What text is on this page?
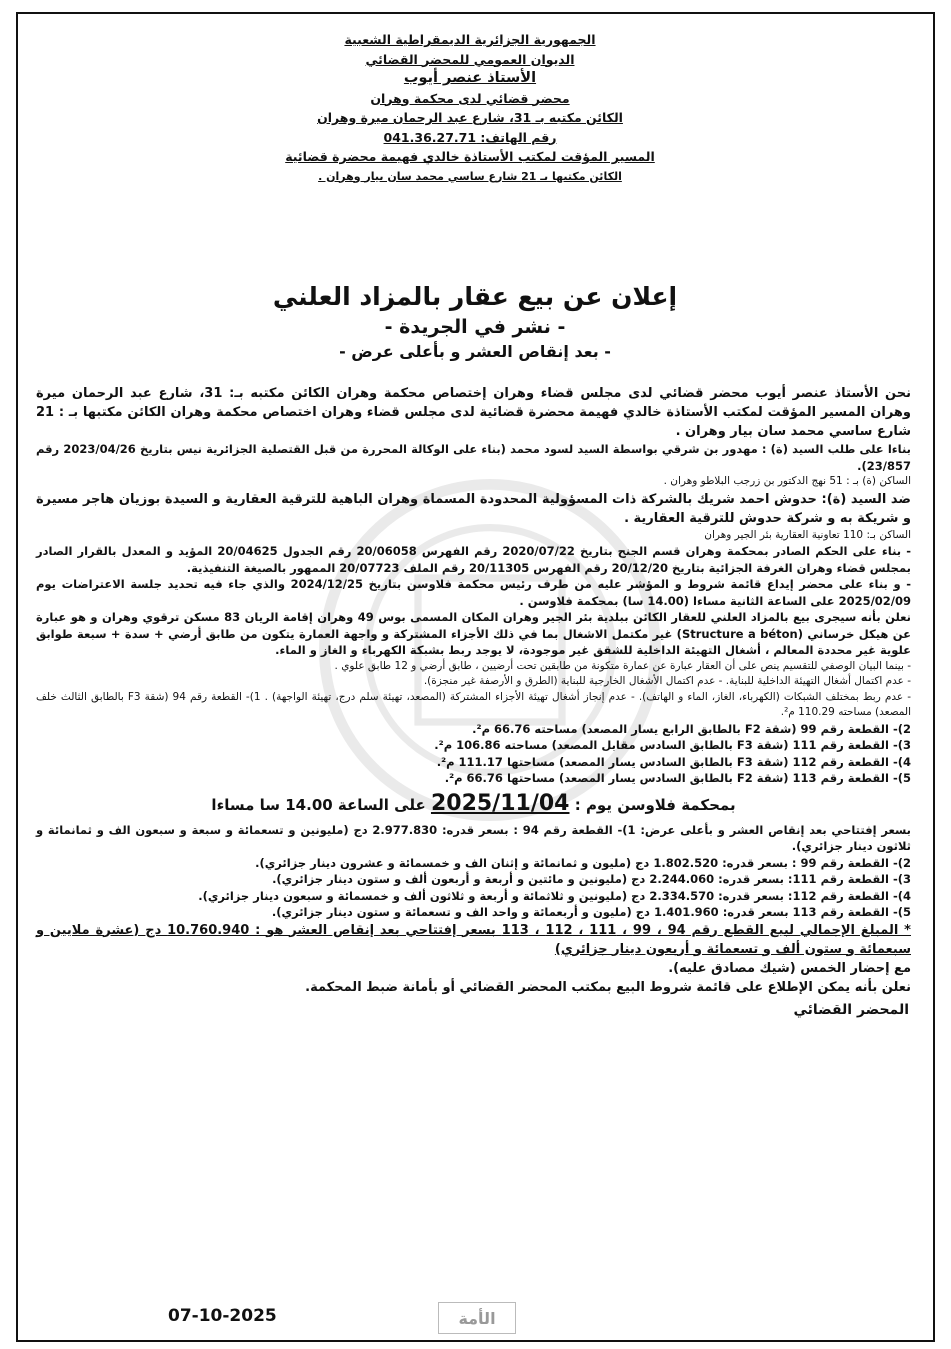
الجمهورية الجزائرية الديمقراطية الشعبية
الديوان العمومي للمحضر القضائي
الأستاذ عنصر أيوب
محضر قضائي لدى محكمة وهران
الكائن مكتبه بـ 31، شارع عبد الرحمان ميرة وهران
رقم الهاتف: 041.36.27.71
المسير المؤقت لمكتب الأستاذة خالدي فهيمة محضرة قضائية
الكائن مكتبها بـ 21 شارع ساسي محمد سان بيار وهران .
إعلان عن بيع عقار بالمزاد العلني
- نشر في الجريدة -
- بعد إنقاص العشر و بأعلى عرض -

نحن الأستاذ عنصر أيوب محضر قضائي لدى مجلس قضاء وهران إختصاص محكمة وهران الكائن مكتبه بـ: 31، شارع عبد الرحمان ميرة وهران المسير المؤقت لمكتب الأستاذة خالدي فهيمة محضرة قضائية لدى مجلس قضاء وهران اختصاص محكمة وهران الكائن مكتبها بـ : 21 شارع ساسي محمد سان بيار وهران .

بناءا على طلب السيد (ة) : مهدور بن شرقي بواسطة السيد لسود محمد (بناء على الوكالة المحررة من قبل القتصلية الجزائرية نيس بتاريخ 2023/04/26 رقم 23/857).

الساكن (ة) بـ : 51 نهج الدكتور بن زرجب البلاطو وهران .

ضد السيد (ة): حدوش احمد شريك بالشركة ذات المسؤولية المحدودة المسماة وهران الباهية للترقية العقارية و السيدة بوزيان هاجر مسيرة و شريكة به و شركة حدوش للترقية العقارية .

الساكن بـ: 110 تعاونية العقارية بئر الجير وهران

- بناء على الحكم الصادر بمحكمة وهران قسم الجنح بتاريخ 2020/07/22 رقم الفهرس 20/06058 رقم الجدول 20/04625 المؤيد و المعدل بالقرار الصادر بمجلس قضاء وهران الغرفة الجزائية بتاريخ 20/12/20 رقم الفهرس 20/11305 رقم الملف 20/07723 الممهور بالصيغة التنفيذية.

- و بناء على محضر إيداع قائمة شروط و المؤشر عليه من طرف رئيس محكمة فلاوسن بتاريخ 2024/12/25 والذي جاء فيه تحديد جلسة الاعتراضات يوم 2025/02/09 على الساعة الثانية مساءا (14.00 سا) بمحكمة فلاوسن .

نعلن بأنه سيجرى بيع بالمزاد العلني للعقار الكائن ببلدية بئر الجير وهران المكان المسمى بوس 49 وهران إقامة الريان 83 مسكن ترقوي وهران و هو عبارة عن هيكل خرساني (Structure a béton) غير مكتمل الاشغال بما في ذلك الأجزاء المشتركة و واجهة العمارة يتكون من طابق أرضي + سدة + سبعة طوابق علوية غير محددة المعالم ، أشغال التهيئة الداخلية للشقق غير موجودة، لا يوجد ربط بشبكة الكهرباء و الغاز و الماء.

- بينما البيان الوصفي للتقسيم ينص على أن العقار عبارة عن عمارة متكونة من طابقين تحت أرضيين ، طابق أرضي و 12 طابق علوي .

- عدم اكتمال أشغال التهيئة الداخلية للبناية. - عدم اكتمال الأشغال الخارجية للبناية (الطرق و الأرصفة غير منجزة).

- عدم ربط بمختلف الشبكات (الكهرباء، الغاز، الماء و الهاتف). - عدم إنجاز أشغال تهيئة الأجزاء المشتركة (المصعد، تهيئة سلم درج، تهيئة الواجهة) . 1)- القطعة رقم 94 (شقة F3 بالطابق الثالث خلف المصعد) مساحته 110.29 م².

2)- القطعة رقم 99 (شقة F2 بالطابق الرابع يسار المصعد) مساحته 66.76 م².

3)- القطعة رقم 111 (شقة F3 بالطابق السادس مقابل المصعد) مساحته 106.86 م².

4)- القطعة رقم 112 (شقة F3 بالطابق السادس يسار المصعد) مساحتها 111.17 م².

5)- القطعة رقم 113 (شقة F2 بالطابق السادس يسار المصعد) مساحتها 66.76 م².

بمحكمة فلاوسن يوم : 2025/11/04 على الساعة 14.00 سا مساءا

بسعر إفتتاحي بعد إنقاص العشر و بأعلى عرض: 1)- القطعة رقم 94 : بسعر قدره: 2.977.830 دج (مليونين و تسعمائة و سبعة و سبعون الف و ثمانمائة و ثلاثون دينار جزائري).

2)- القطعة رقم 99 : بسعر قدره: 1.802.520 دج (مليون و ثمانمائة و إثنان الف و خمسمائة و عشرون دينار جزائري).

3)- القطعة رقم 111: بسعر قدره: 2.244.060 دج (مليونين و مائتين و أربعة و أربعون ألف و ستون دينار جزائري).

4)- القطعة رقم 112: بسعر قدره: 2.334.570 دج (مليونين و ثلاثمائة و أربعة و ثلاثون ألف و خمسمائة و سبعون دينار جزائري).

5)- القطعة رقم 113 بسعر قدره: 1.401.960 دج (مليون و أربعمائة و واحد الف و تسعمائة و ستون دينار جزائري).

* المبلغ الإجمالي لبيع القطع رقم 94 ، 99 ، 111 ، 112 ، 113 بسعر إفتتاحي بعد إنقاص العشر هو : 10.760.940 دج (عشرة ملايين و سبعمائة و ستون ألف و تسعمائة و أربعون دينار جزائري)

مع إحضار الخمس (شيك مصادق عليه).

نعلن بأنه يمكن الإطلاع على قائمة شروط البيع بمكتب المحضر القضائي أو بأمانة ضبط المحكمة.

المحضر القضائي
الأمة
07-10-2025
